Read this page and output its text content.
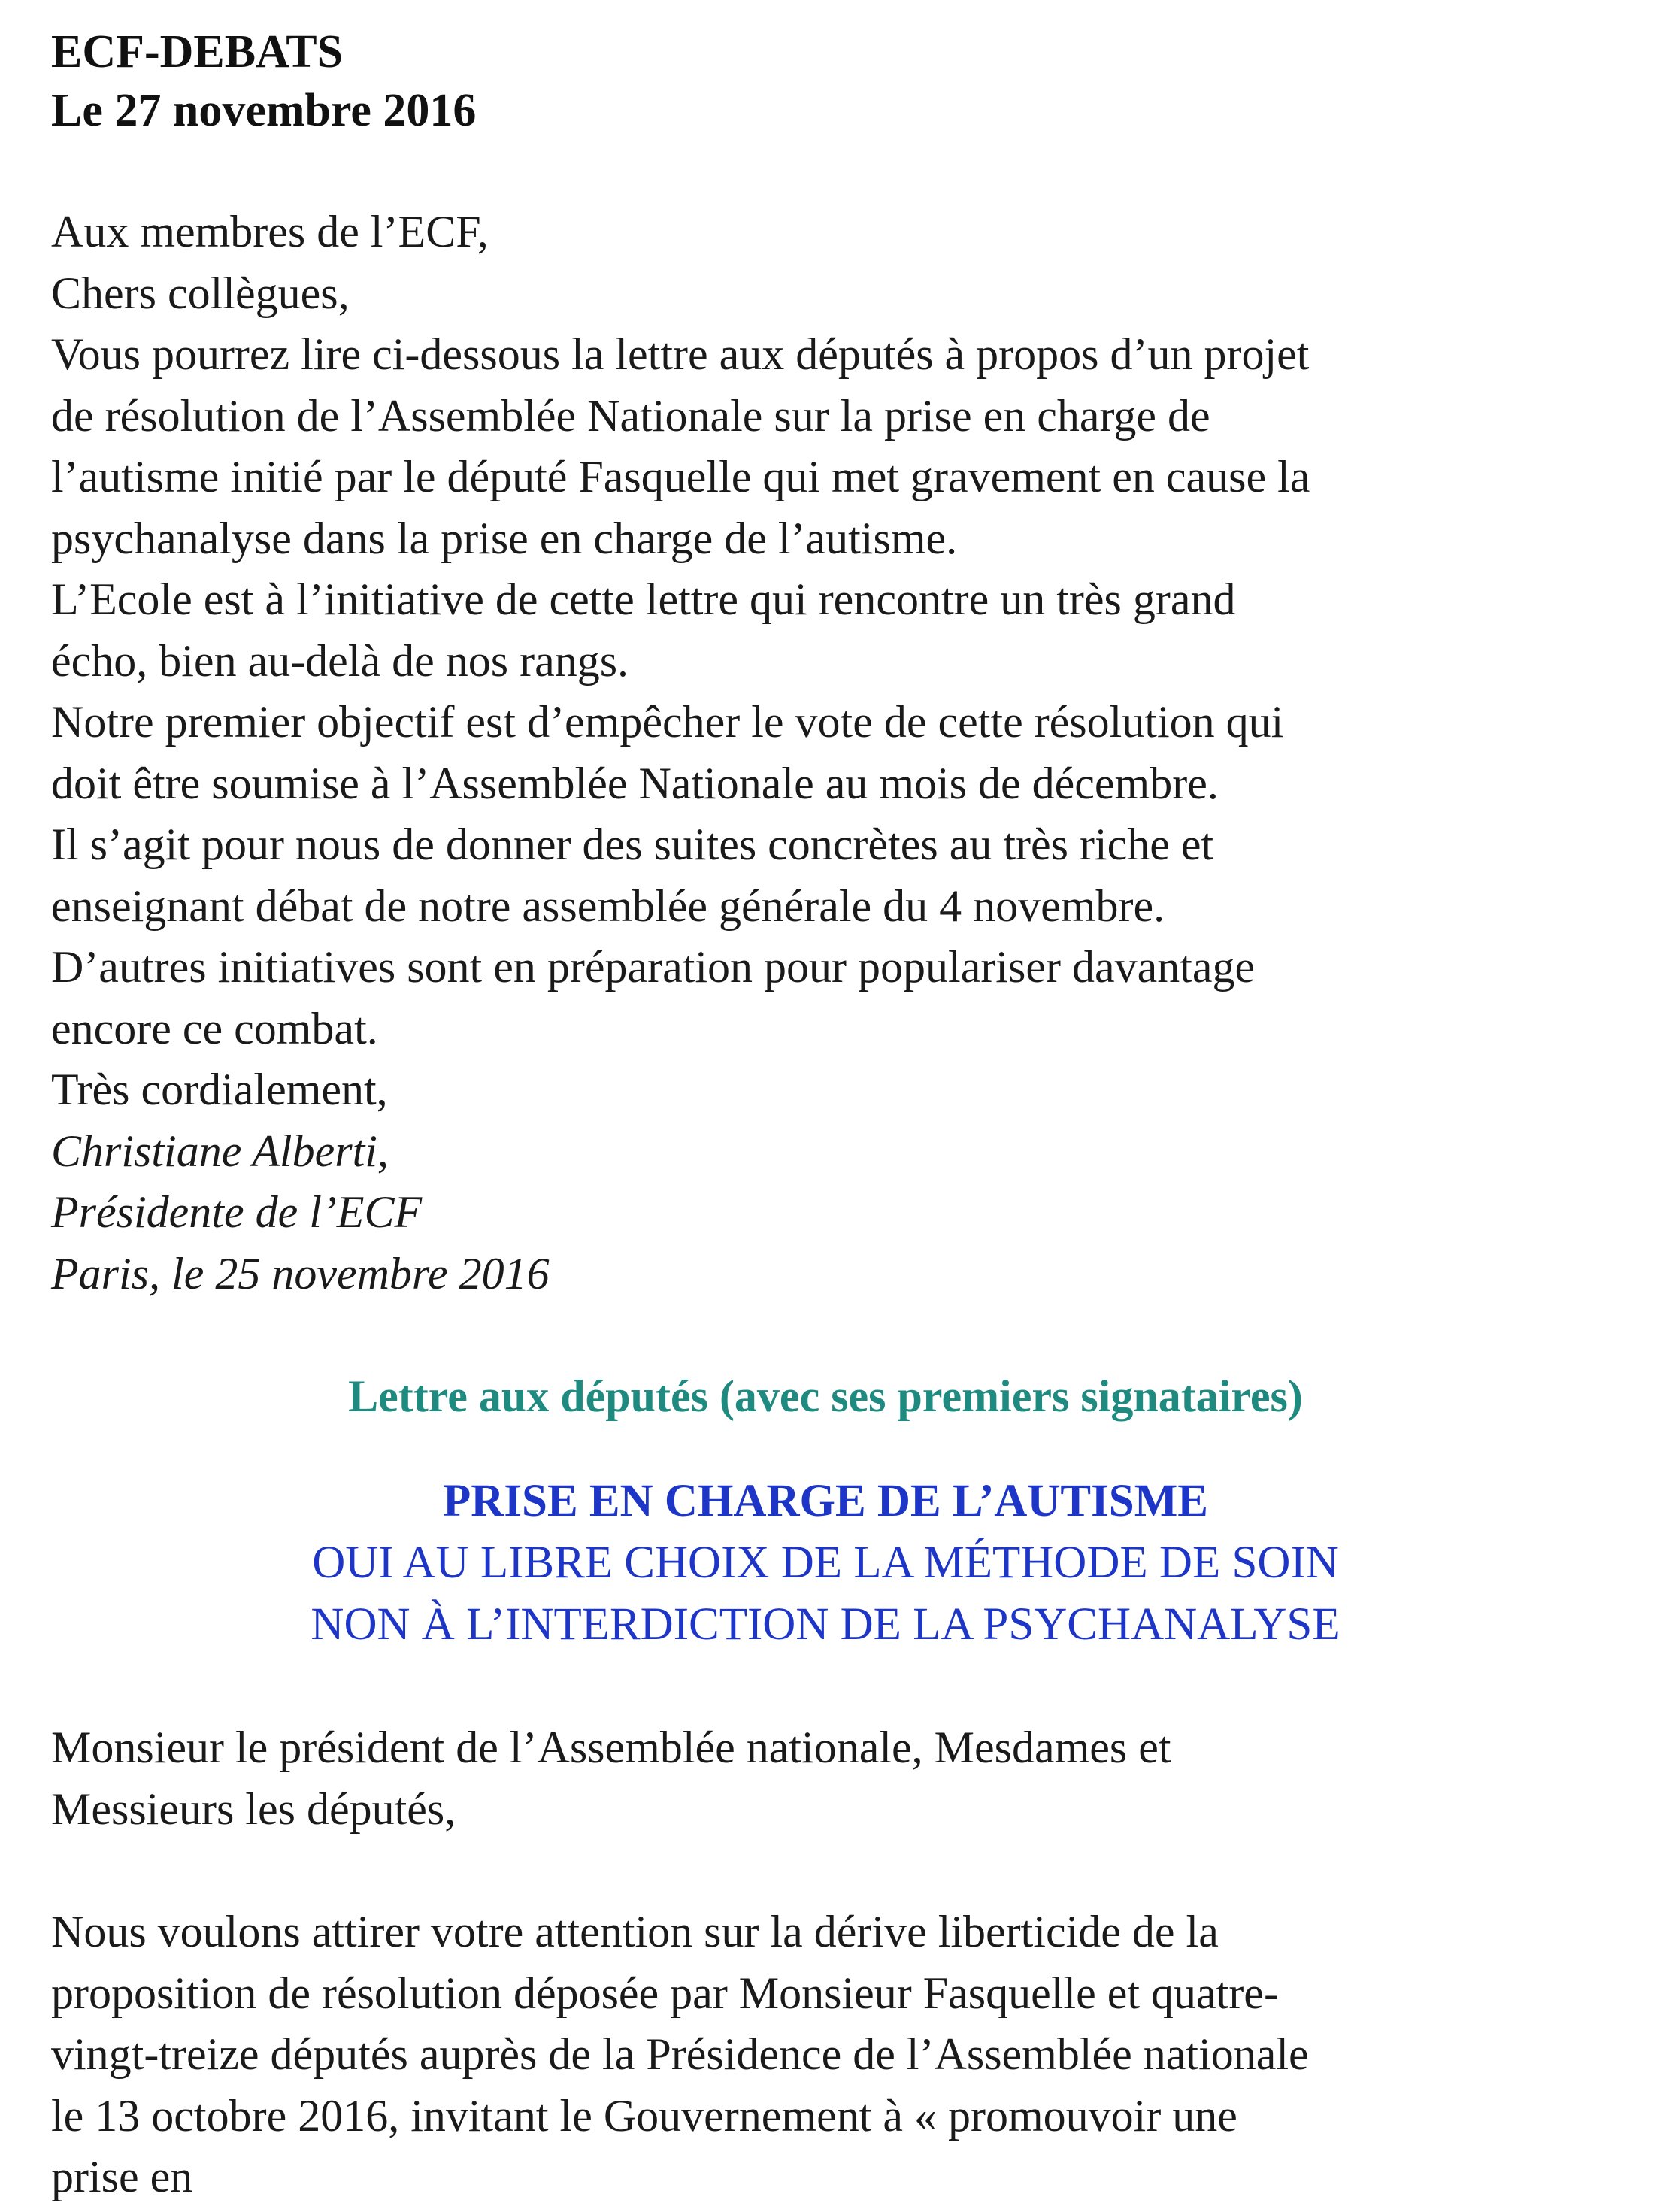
ECF-DEBATS

Le 27 novembre 2016

Aux membres de l’ECF,

Chers collègues,

Vous pourrez lire ci-dessous la lettre aux députés à propos d’un projet

de résolution de l’Assemblée Nationale sur la prise en charge de

l’autisme initié par le député Fasquelle qui met gravement en cause la

psychanalyse dans la prise en charge de l’autisme.

L’Ecole est à l’initiative de cette lettre qui rencontre un très grand

écho, bien au-delà de nos rangs.

Notre premier objectif est d’empêcher le vote de cette résolution qui

doit être soumise à l’Assemblée Nationale au mois de décembre.

Il s’agit pour nous de donner des suites concrètes au très riche et

enseignant débat de notre assemblée générale du 4 novembre.

D’autres initiatives sont en préparation pour populariser davantage

encore ce combat.

Très cordialement,

Christiane Alberti,

Présidente de l’ECF

Paris, le 25 novembre 2016

Lettre aux députés (avec ses premiers signataires)

PRISE EN CHARGE DE L’AUTISME

OUI AU LIBRE CHOIX DE LA MÉTHODE DE SOIN

NON À L’INTERDICTION DE LA PSYCHANALYSE

Monsieur le président de l’Assemblée nationale, Mesdames et

Messieurs les députés,

Nous voulons attirer votre attention sur la dérive liberticide de la

proposition de résolution déposée par Monsieur Fasquelle et quatre-

vingt-treize députés auprès de la Présidence de l’Assemblée nationale

le 13 octobre 2016, invitant le Gouvernement à « promouvoir une

prise en
